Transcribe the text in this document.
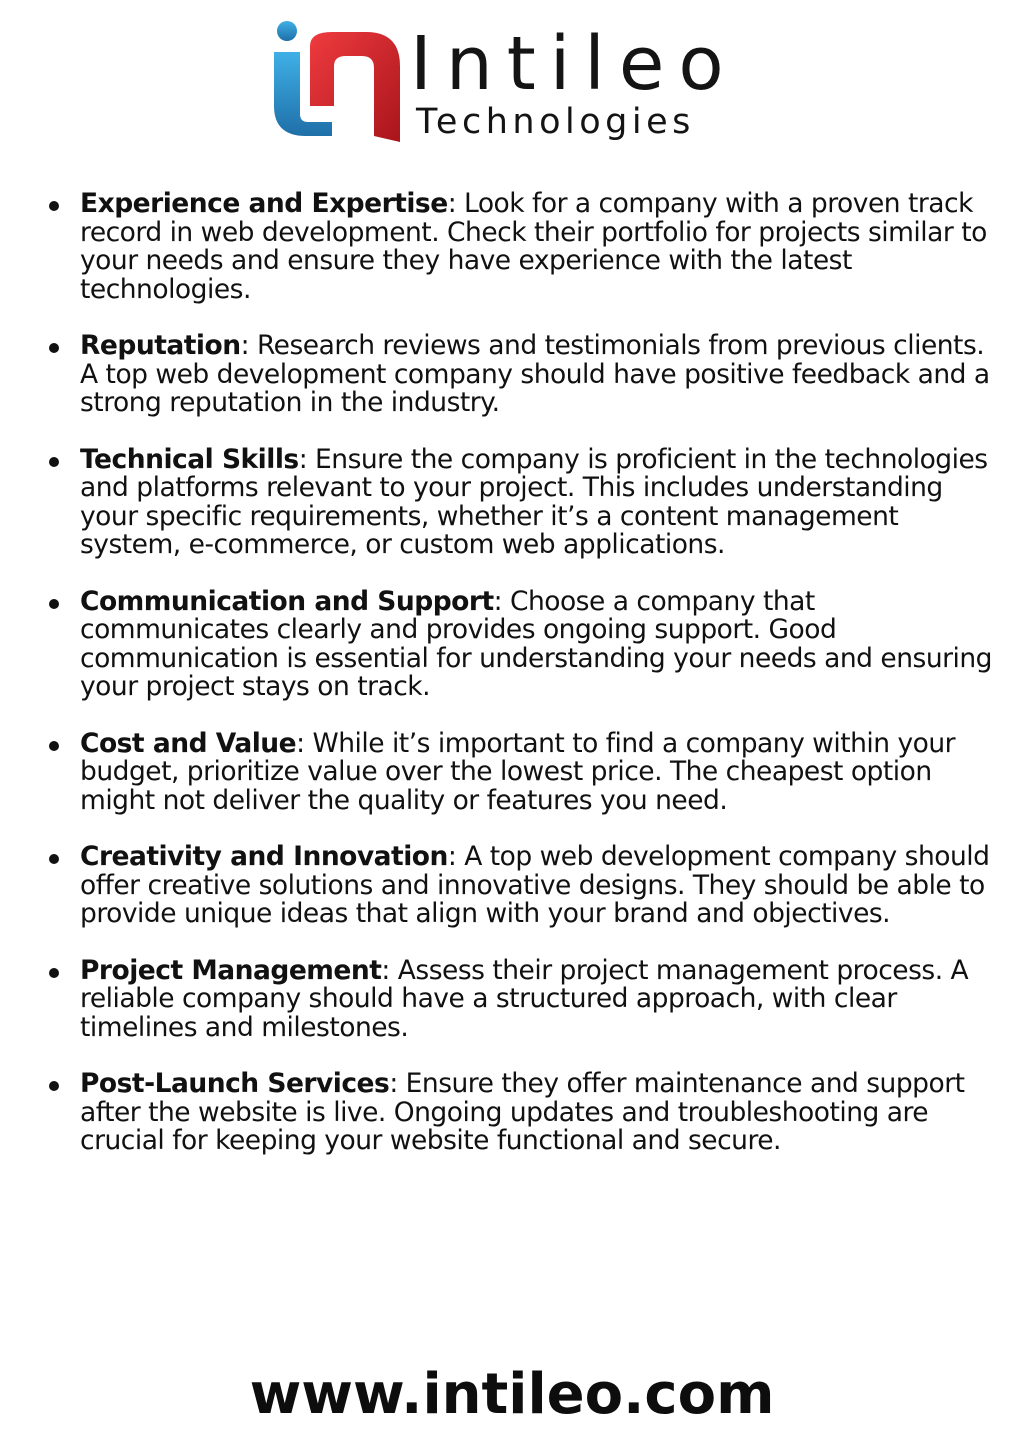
Intileo
Technologies
Experience and Expertise: Look for a company with a proven track record in web development. Check their portfolio for projects similar to your needs and ensure they have experience with the latest technologies.
Reputation: Research reviews and testimonials from previous clients. A top web development company should have positive feedback and a strong reputation in the industry.
Technical Skills: Ensure the company is proficient in the technologies and platforms relevant to your project. This includes understanding your specific requirements, whether it’s a content management system, e-commerce, or custom web applications.
Communication and Support: Choose a company that communicates clearly and provides ongoing support. Good communication is essential for understanding your needs and ensuring your project stays on track.
Cost and Value: While it’s important to find a company within your budget, prioritize value over the lowest price. The cheapest option might not deliver the quality or features you need.
Creativity and Innovation: A top web development company should offer creative solutions and innovative designs. They should be able to provide unique ideas that align with your brand and objectives.
Project Management: Assess their project management process. A reliable company should have a structured approach, with clear timelines and milestones.
Post-Launch Services: Ensure they offer maintenance and support after the website is live. Ongoing updates and troubleshooting are crucial for keeping your website functional and secure.
www.intileo.com
